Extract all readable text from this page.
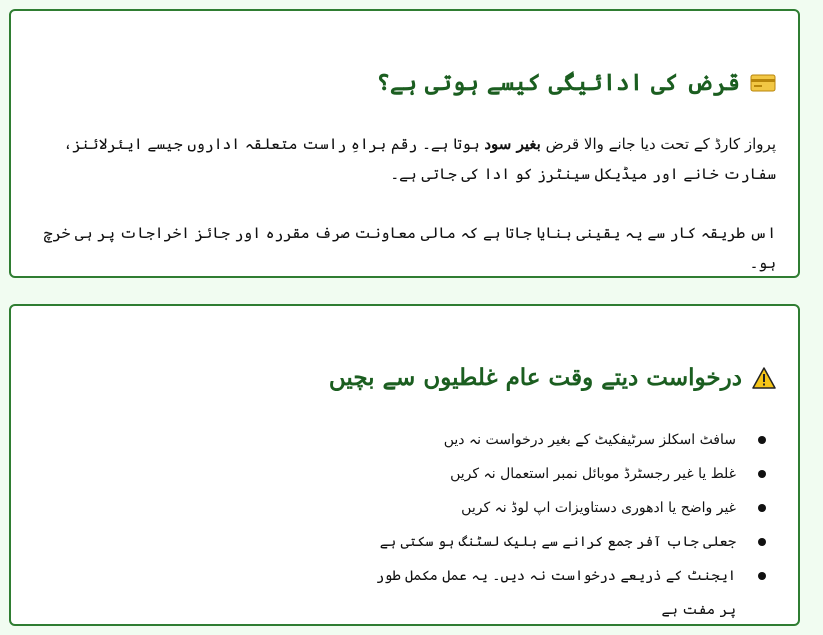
قرض کی ادائیگی کیسے ہوتی ہے؟

پرواز کارڈ کے تحت دیا جانے والا قرض بغیر سود ہوتا ہے۔ رقم براہِ راست متعلقہ اداروں جیسے ایئرلائنز، سفارت خانے اور میڈیکل سینٹرز کو ادا کی جاتی ہے۔

اس طریقہ کار سے یہ یقینی بنایا جاتا ہے کہ مالی معاونت صرف مقررہ اور جائز اخراجات پر ہی خرچ ہو۔

درخواست دیتے وقت عام غلطیوں سے بچیں
سافٹ اسکلز سرٹیفکیٹ کے بغیر درخواست نہ دیں
غلط یا غیر رجسٹرڈ موبائل نمبر استعمال نہ کریں
غیر واضح یا ادھوری دستاویزات اپ لوڈ نہ کریں
جعلی جاب آفر جمع کرانے سے بلیک لسٹنگ ہو سکتی ہے
ایجنٹ کے ذریعے درخواست نہ دیں۔ یہ عمل مکمل طور پر مفت ہے
